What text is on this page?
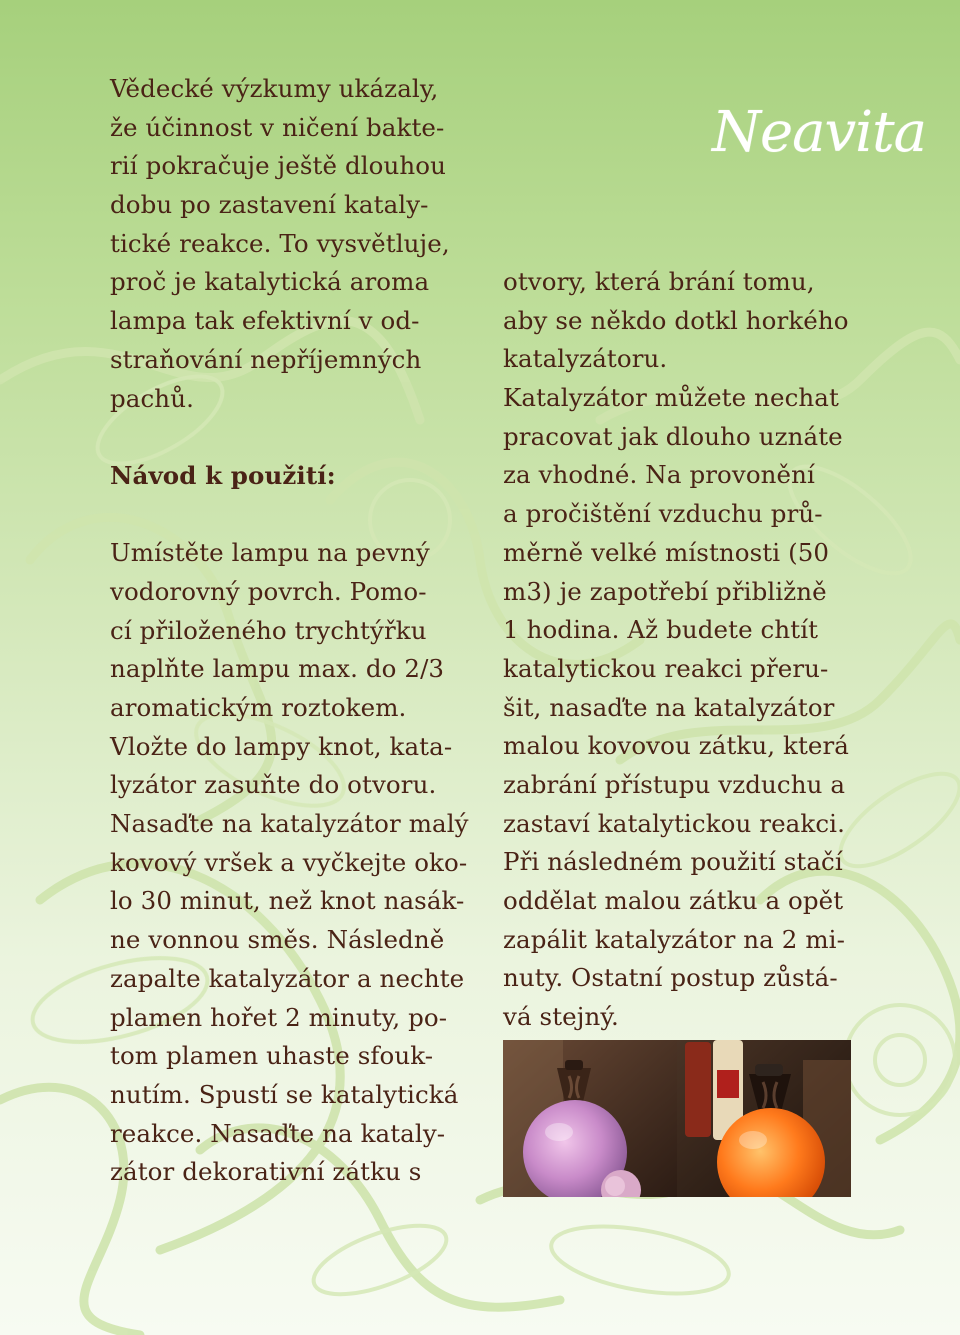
Neavita
Vědecké výzkumy ukázaly,
že účinnost v ničení bakte-
rií pokračuje ještě dlouhou
dobu po zastavení kataly-
tické reakce. To vysvětluje,
proč je katalytická aroma
lampa tak efektivní v od-
straňování nepříjemných
pachů.
Návod k použití:
Umístěte lampu na pevný
vodorovný povrch. Pomo-
cí přiloženého trychtýřku
naplňte lampu max. do 2/3
aromatickým roztokem.
Vložte do lampy knot, kata-
lyzátor zasuňte do otvoru.
Nasaďte na katalyzátor malý
kovový vršek a vyčkejte oko-
lo 30 minut, než knot nasák-
ne vonnou směs. Následně
zapalte katalyzátor a nechte
plamen hořet 2 minuty, po-
tom plamen uhaste sfouk-
nutím. Spustí se katalytická
reakce. Nasaďte na kataly-
zátor dekorativní zátku s
otvory, která brání tomu,
aby se někdo dotkl horkého
katalyzátoru.
Katalyzátor můžete nechat
pracovat jak dlouho uznáte
za vhodné. Na provonění
a pročištění vzduchu prů-
měrně velké místnosti (50
m3) je zapotřebí přibližně
1 hodina. Až budete chtít
katalytickou reakci přeru-
šit, nasaďte na katalyzátor
malou kovovou zátku, která
zabrání přístupu vzduchu a
zastaví katalytickou reakci.
Při následném použití stačí
oddělat malou zátku a opět
zapálit katalyzátor na 2 mi-
nuty. Ostatní postup zůstá-
vá stejný.
